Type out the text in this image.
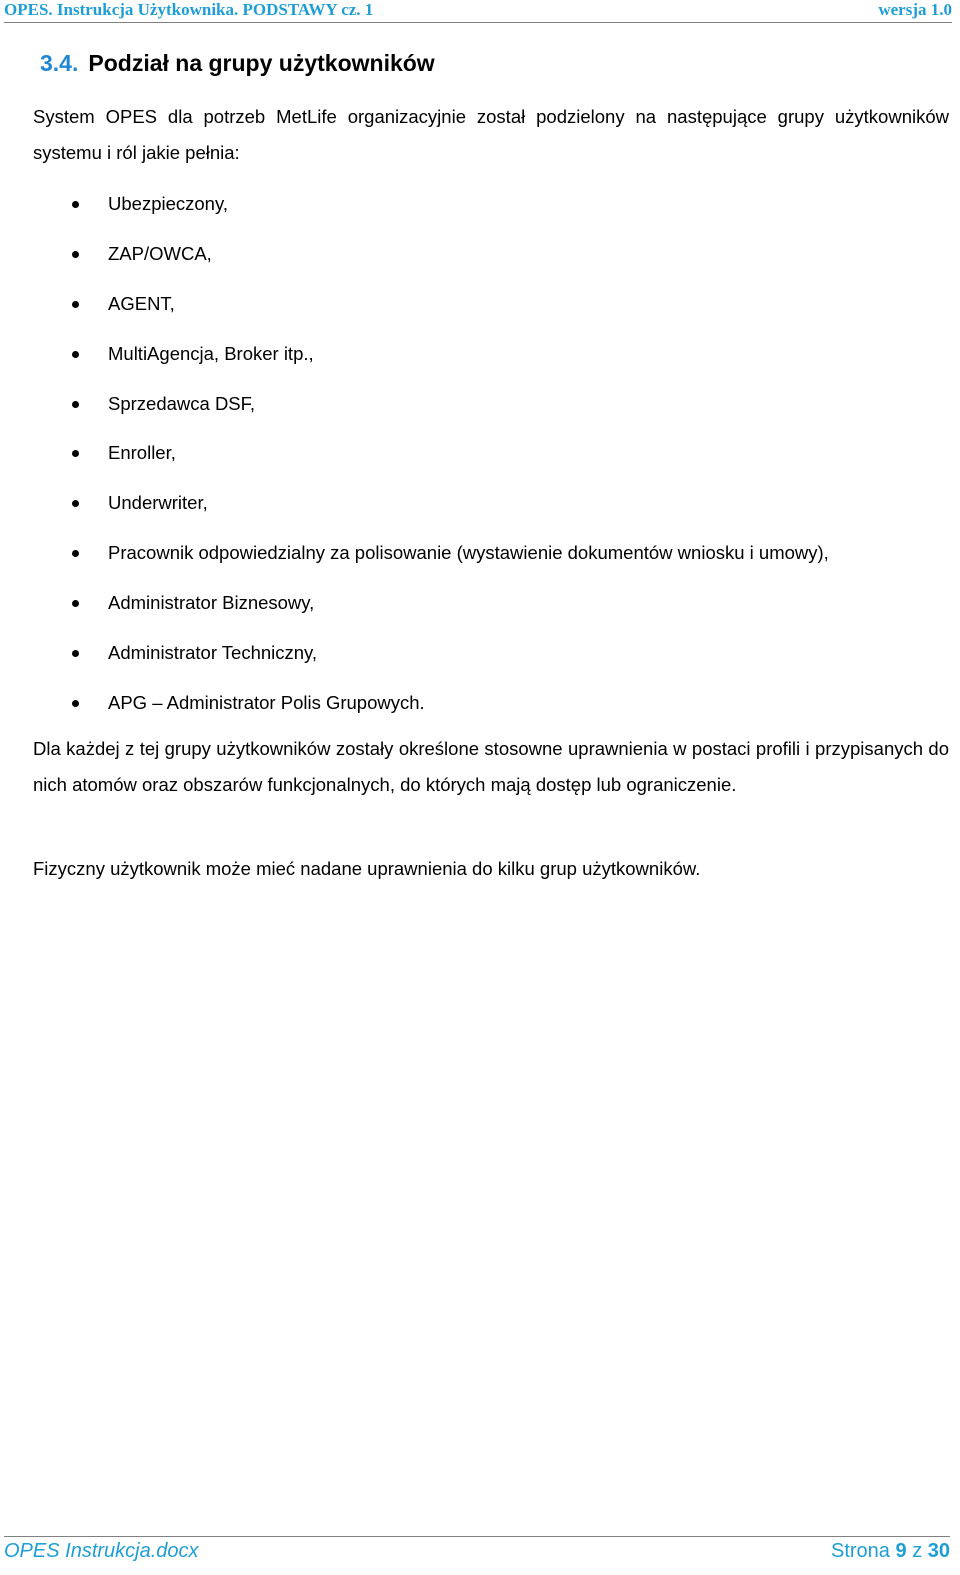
OPES. Instrukcja Użytkownika. PODSTAWY cz. 1	wersja 1.0
3.4. Podział na grupy użytkowników

System OPES dla potrzeb MetLife organizacyjnie został podzielony na następujące grupy użytkowników systemu i ról jakie pełnia:

Ubezpieczony,
ZAP/OWCA,
AGENT,
MultiAgencja, Broker itp.,
Sprzedawca DSF,
Enroller,
Underwriter,
Pracownik odpowiedzialny za polisowanie (wystawienie dokumentów wniosku i umowy),
Administrator Biznesowy,
Administrator Techniczny,
APG – Administrator Polis Grupowych.

Dla każdej z tej grupy użytkowników zostały określone stosowne uprawnienia w postaci profili i przypisanych do nich atomów oraz obszarów funkcjonalnych, do których mają dostęp lub ograniczenie.

Fizyczny użytkownik może mieć nadane uprawnienia do kilku grup użytkowników.

OPES Instrukcja.docx	Strona 9 z 30
